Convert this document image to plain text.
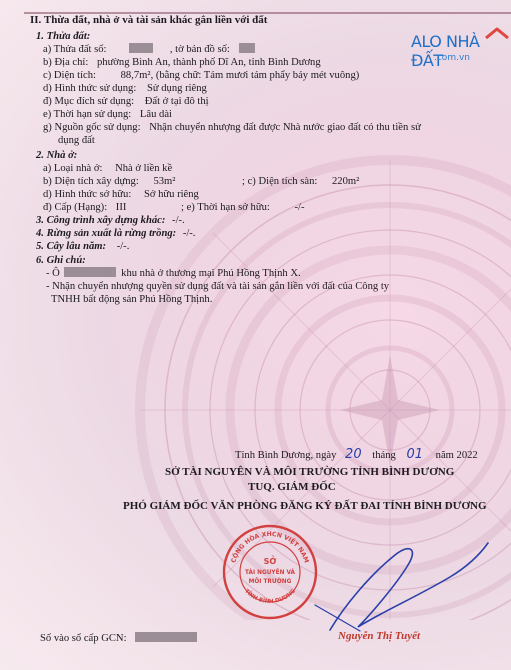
ALO NHÀ ĐẤT
.com.vn
II. Thừa đất, nhà ở và tài sản khác gắn liền với đất
1. Thửa đất:
a) Thửa đất số:	, tờ bản đồ số:
b) Địa chỉ: phường Bình An, thành phố Dĩ An, tỉnh Bình Dương
c) Diện tích: 88,7m², (bằng chữ: Tám mươi tám phẩy bảy mét vuông)
d) Hình thức sử dụng: Sử dụng riêng
đ) Mục đích sử dụng: Đất ở tại đô thị
e) Thời hạn sử dụng: Lâu dài
g) Nguồn gốc sử dụng: Nhận chuyển nhượng đất được Nhà nước giao đất có thu tiền sử
dụng đất
2. Nhà ở:
a) Loại nhà ở: Nhà ở liền kề
b) Diện tích xây dựng: 53m²	; c) Diện tích sàn: 220m²
d) Hình thức sở hữu: Sở hữu riêng
đ) Cấp (Hạng): III	; e) Thời hạn sở hữu: -/-
3. Công trình xây dựng khác: -/-.
4. Rừng sản xuất là rừng trồng: -/-.
5. Cây lâu năm: -/-.
6. Ghi chú:
- Ô	khu nhà ở thương mại Phú Hồng Thịnh X.
- Nhận chuyển nhượng quyền sử dụng đất và tài sản gắn liền với đất của Công ty
TNHH bất động sản Phú Hồng Thịnh.
Tỉnh Bình Dương, ngày 20 tháng 01 năm 2022
SỞ TÀI NGUYÊN VÀ MÔI TRƯỜNG TỈNH BÌNH DƯƠNG
TUQ. GIÁM ĐỐC
PHÓ GIÁM ĐỐC VĂN PHÒNG ĐĂNG KÝ ĐẤT ĐAI TỈNH BÌNH DƯƠNG
Nguyễn Thị Tuyết
Số vào sổ cấp GCN:
CỘNG HÒA XHCN VIỆT NAM
TỈNH BÌNH DƯƠNG
SỞ
TÀI NGUYÊN VÀ
MÔI TRƯỜNG
